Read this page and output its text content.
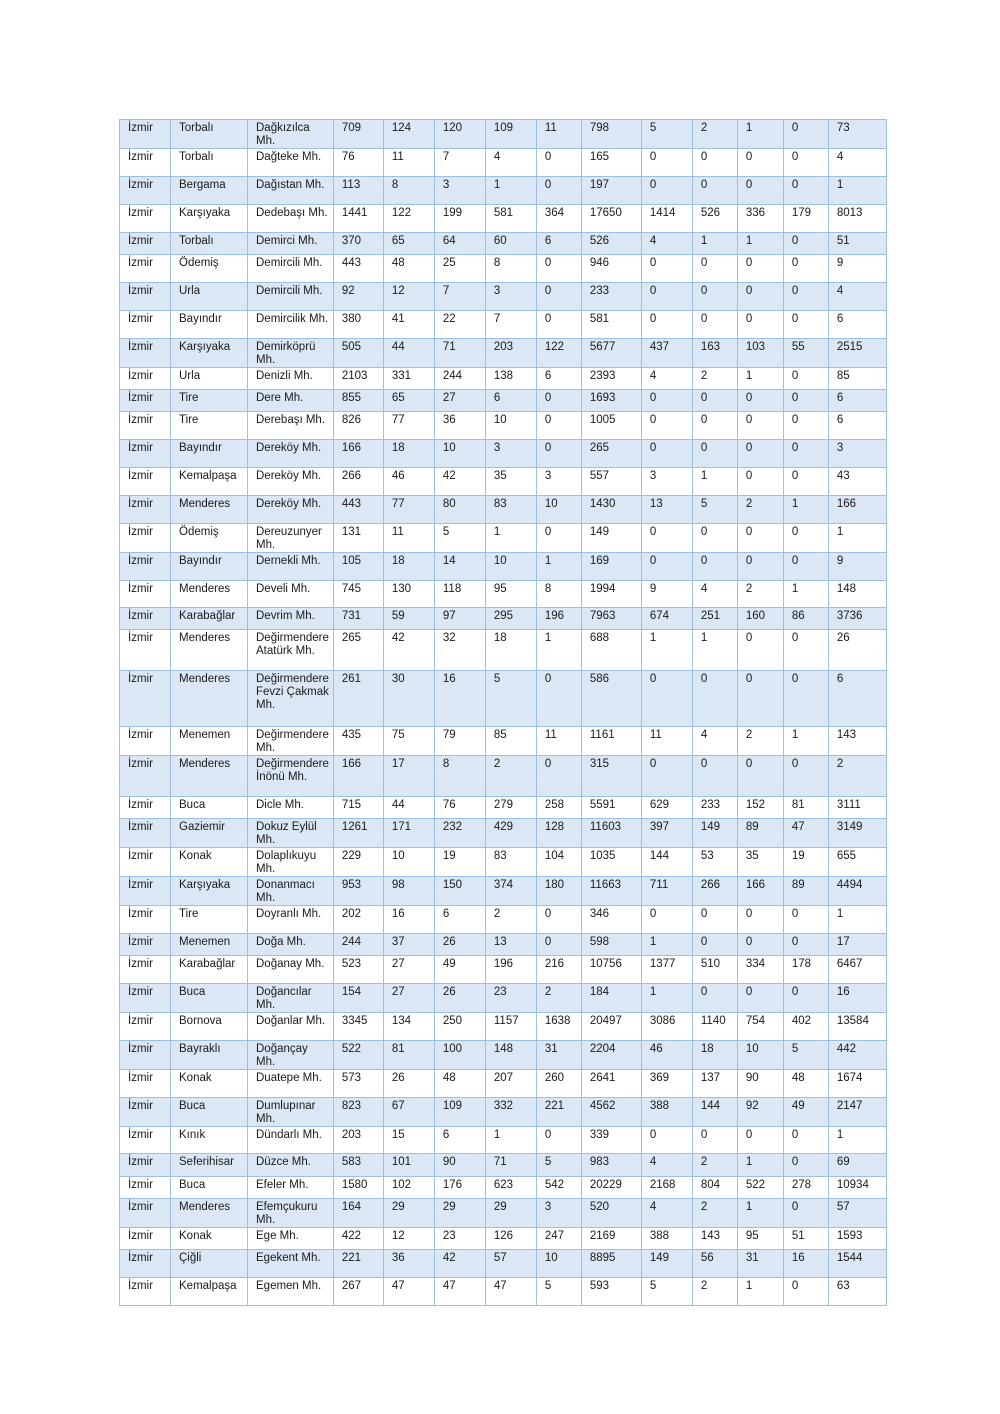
İzmir	Torbalı	Dağkızılca Mh.	709	124	120	109	11	798	5	2	1	0	73
İzmir	Torbalı	Dağteke Mh.	76	11	7	4	0	165	0	0	0	0	4
İzmir	Bergama	Dağıstan Mh.	113	8	3	1	0	197	0	0	0	0	1
İzmir	Karşıyaka	Dedebaşı Mh.	1441	122	199	581	364	17650	1414	526	336	179	8013
İzmir	Torbalı	Demirci Mh.	370	65	64	60	6	526	4	1	1	0	51
İzmir	Ödemiş	Demircili Mh.	443	48	25	8	0	946	0	0	0	0	9
İzmir	Urla	Demircili Mh.	92	12	7	3	0	233	0	0	0	0	4
İzmir	Bayındır	Demircilik Mh.	380	41	22	7	0	581	0	0	0	0	6
İzmir	Karşıyaka	Demirköprü Mh.	505	44	71	203	122	5677	437	163	103	55	2515
İzmir	Urla	Denizli Mh.	2103	331	244	138	6	2393	4	2	1	0	85
İzmir	Tire	Dere Mh.	855	65	27	6	0	1693	0	0	0	0	6
İzmir	Tire	Derebaşı Mh.	826	77	36	10	0	1005	0	0	0	0	6
İzmir	Bayındır	Dereköy Mh.	166	18	10	3	0	265	0	0	0	0	3
İzmir	Kemalpaşa	Dereköy Mh.	266	46	42	35	3	557	3	1	0	0	43
İzmir	Menderes	Dereköy Mh.	443	77	80	83	10	1430	13	5	2	1	166
İzmir	Ödemiş	Dereuzunyer Mh.	131	11	5	1	0	149	0	0	0	0	1
İzmir	Bayındır	Dernekli Mh.	105	18	14	10	1	169	0	0	0	0	9
İzmir	Menderes	Develi Mh.	745	130	118	95	8	1994	9	4	2	1	148
İzmir	Karabağlar	Devrim Mh.	731	59	97	295	196	7963	674	251	160	86	3736
İzmir	Menderes	Değirmendere Atatürk Mh.	265	42	32	18	1	688	1	1	0	0	26
İzmir	Menderes	Değirmendere Fevzi Çakmak Mh.	261	30	16	5	0	586	0	0	0	0	6
İzmir	Menemen	Değirmendere Mh.	435	75	79	85	11	1161	11	4	2	1	143
İzmir	Menderes	Değirmendere İnönü Mh.	166	17	8	2	0	315	0	0	0	0	2
İzmir	Buca	Dicle Mh.	715	44	76	279	258	5591	629	233	152	81	3111
İzmir	Gaziemir	Dokuz Eylül Mh.	1261	171	232	429	128	11603	397	149	89	47	3149
İzmir	Konak	Dolaplıkuyu Mh.	229	10	19	83	104	1035	144	53	35	19	655
İzmir	Karşıyaka	Donanmacı Mh.	953	98	150	374	180	11663	711	266	166	89	4494
İzmir	Tire	Doyranlı Mh.	202	16	6	2	0	346	0	0	0	0	1
İzmir	Menemen	Doğa Mh.	244	37	26	13	0	598	1	0	0	0	17
İzmir	Karabağlar	Doğanay Mh.	523	27	49	196	216	10756	1377	510	334	178	6467
İzmir	Buca	Doğancılar Mh.	154	27	26	23	2	184	1	0	0	0	16
İzmir	Bornova	Doğanlar Mh.	3345	134	250	1157	1638	20497	3086	1140	754	402	13584
İzmir	Bayraklı	Doğançay Mh.	522	81	100	148	31	2204	46	18	10	5	442
İzmir	Konak	Duatepe Mh.	573	26	48	207	260	2641	369	137	90	48	1674
İzmir	Buca	Dumlupınar Mh.	823	67	109	332	221	4562	388	144	92	49	2147
İzmir	Kınık	Dündarlı Mh.	203	15	6	1	0	339	0	0	0	0	1
İzmir	Seferihisar	Düzce Mh.	583	101	90	71	5	983	4	2	1	0	69
İzmir	Buca	Efeler Mh.	1580	102	176	623	542	20229	2168	804	522	278	10934
İzmir	Menderes	Efemçukuru Mh.	164	29	29	29	3	520	4	2	1	0	57
İzmir	Konak	Ege Mh.	422	12	23	126	247	2169	388	143	95	51	1593
İzmir	Çiğli	Egekent Mh.	221	36	42	57	10	8895	149	56	31	16	1544
İzmir	Kemalpaşa	Egemen Mh.	267	47	47	47	5	593	5	2	1	0	63
